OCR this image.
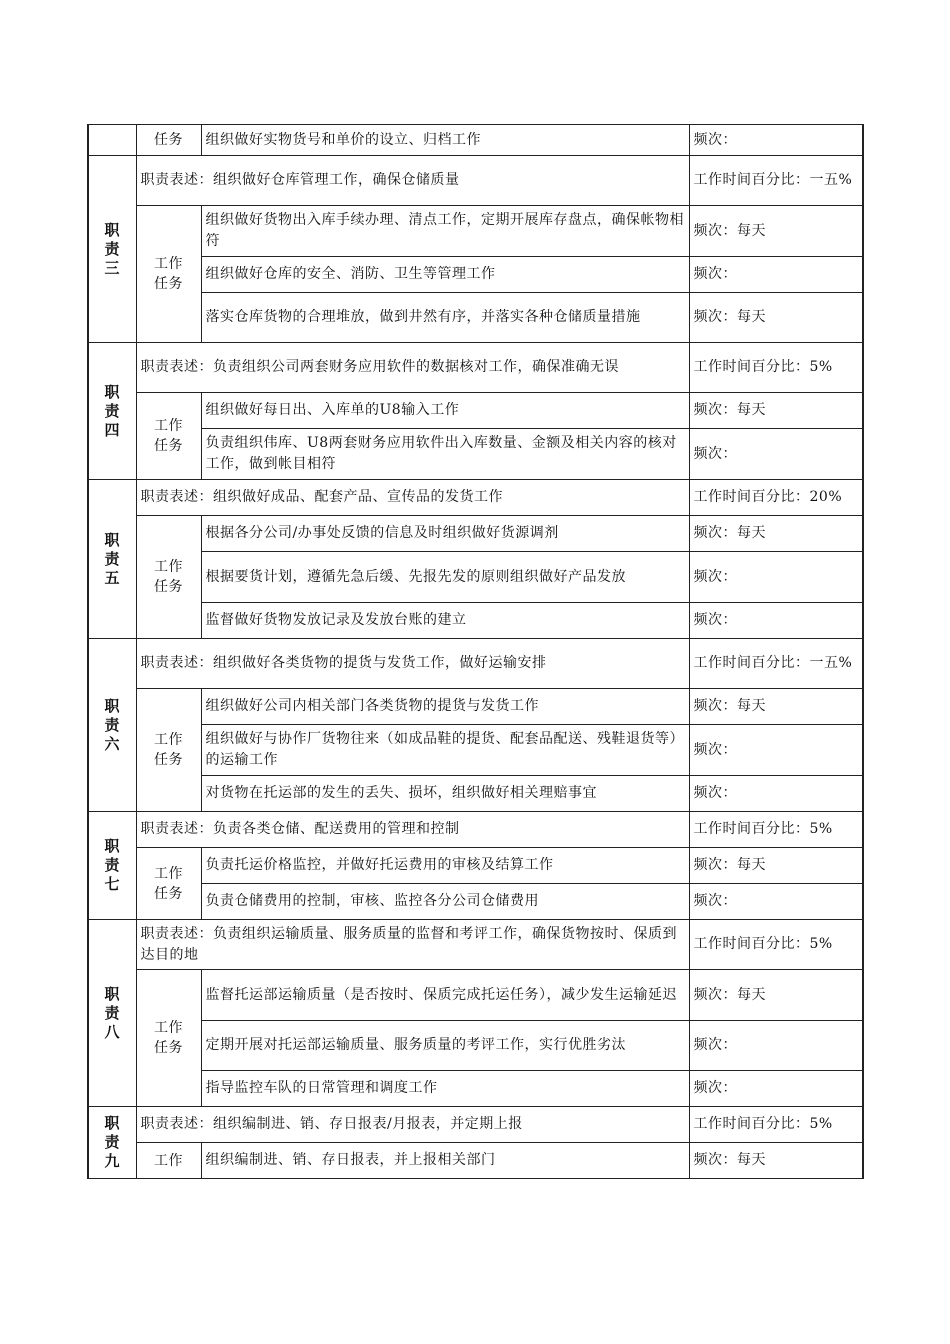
	任务	组织做好实物货号和单价的设立、归档工作	频次：
职责三	职责表述：组织做好仓库管理工作，确保仓储质量		工作时间百分比：一五%
	工作任务	组织做好货物出入库手续办理、清点工作，定期开展库存盘点，确保帐物相符	频次：每天
		组织做好仓库的安全、消防、卫生等管理工作	频次：
		落实仓库货物的合理堆放，做到井然有序，并落实各种仓储质量措施	频次：每天
职责四	职责表述：负责组织公司两套财务应用软件的数据核对工作，确保准确无误		工作时间百分比：5%
	工作任务	组织做好每日出、入库单的U8输入工作	频次：每天
		负责组织伟库、U8两套财务应用软件出入库数量、金额及相关内容的核对工作，做到帐目相符	频次：
职责五	职责表述：组织做好成品、配套产品、宣传品的发货工作		工作时间百分比：20%
	工作任务	根据各分公司/办事处反馈的信息及时组织做好货源调剂	频次：每天
		根据要货计划，遵循先急后缓、先报先发的原则组织做好产品发放	频次：
		监督做好货物发放记录及发放台账的建立	频次：
职责六	职责表述：组织做好各类货物的提货与发货工作，做好运输安排		工作时间百分比：一五%
	工作任务	组织做好公司内相关部门各类货物的提货与发货工作	频次：每天
		组织做好与协作厂货物往来（如成品鞋的提货、配套品配送、残鞋退货等）的运输工作	频次：
		对货物在托运部的发生的丢失、损坏，组织做好相关理赔事宜	频次：
职责七	职责表述：负责各类仓储、配送费用的管理和控制		工作时间百分比：5%
	工作任务	负责托运价格监控，并做好托运费用的审核及结算工作	频次：每天
		负责仓储费用的控制，审核、监控各分公司仓储费用	频次：
职责八	职责表述：负责组织运输质量、服务质量的监督和考评工作，确保货物按时、保质到达目的地		工作时间百分比：5%
	工作任务	监督托运部运输质量（是否按时、保质完成托运任务），减少发生运输延迟	频次：每天
		定期开展对托运部运输质量、服务质量的考评工作，实行优胜劣汰	频次：
		指导监控车队的日常管理和调度工作	频次：
职责九	职责表述：组织编制进、销、存日报表/月报表，并定期上报		工作时间百分比：5%
	工作	组织编制进、销、存日报表，并上报相关部门	频次：每天
